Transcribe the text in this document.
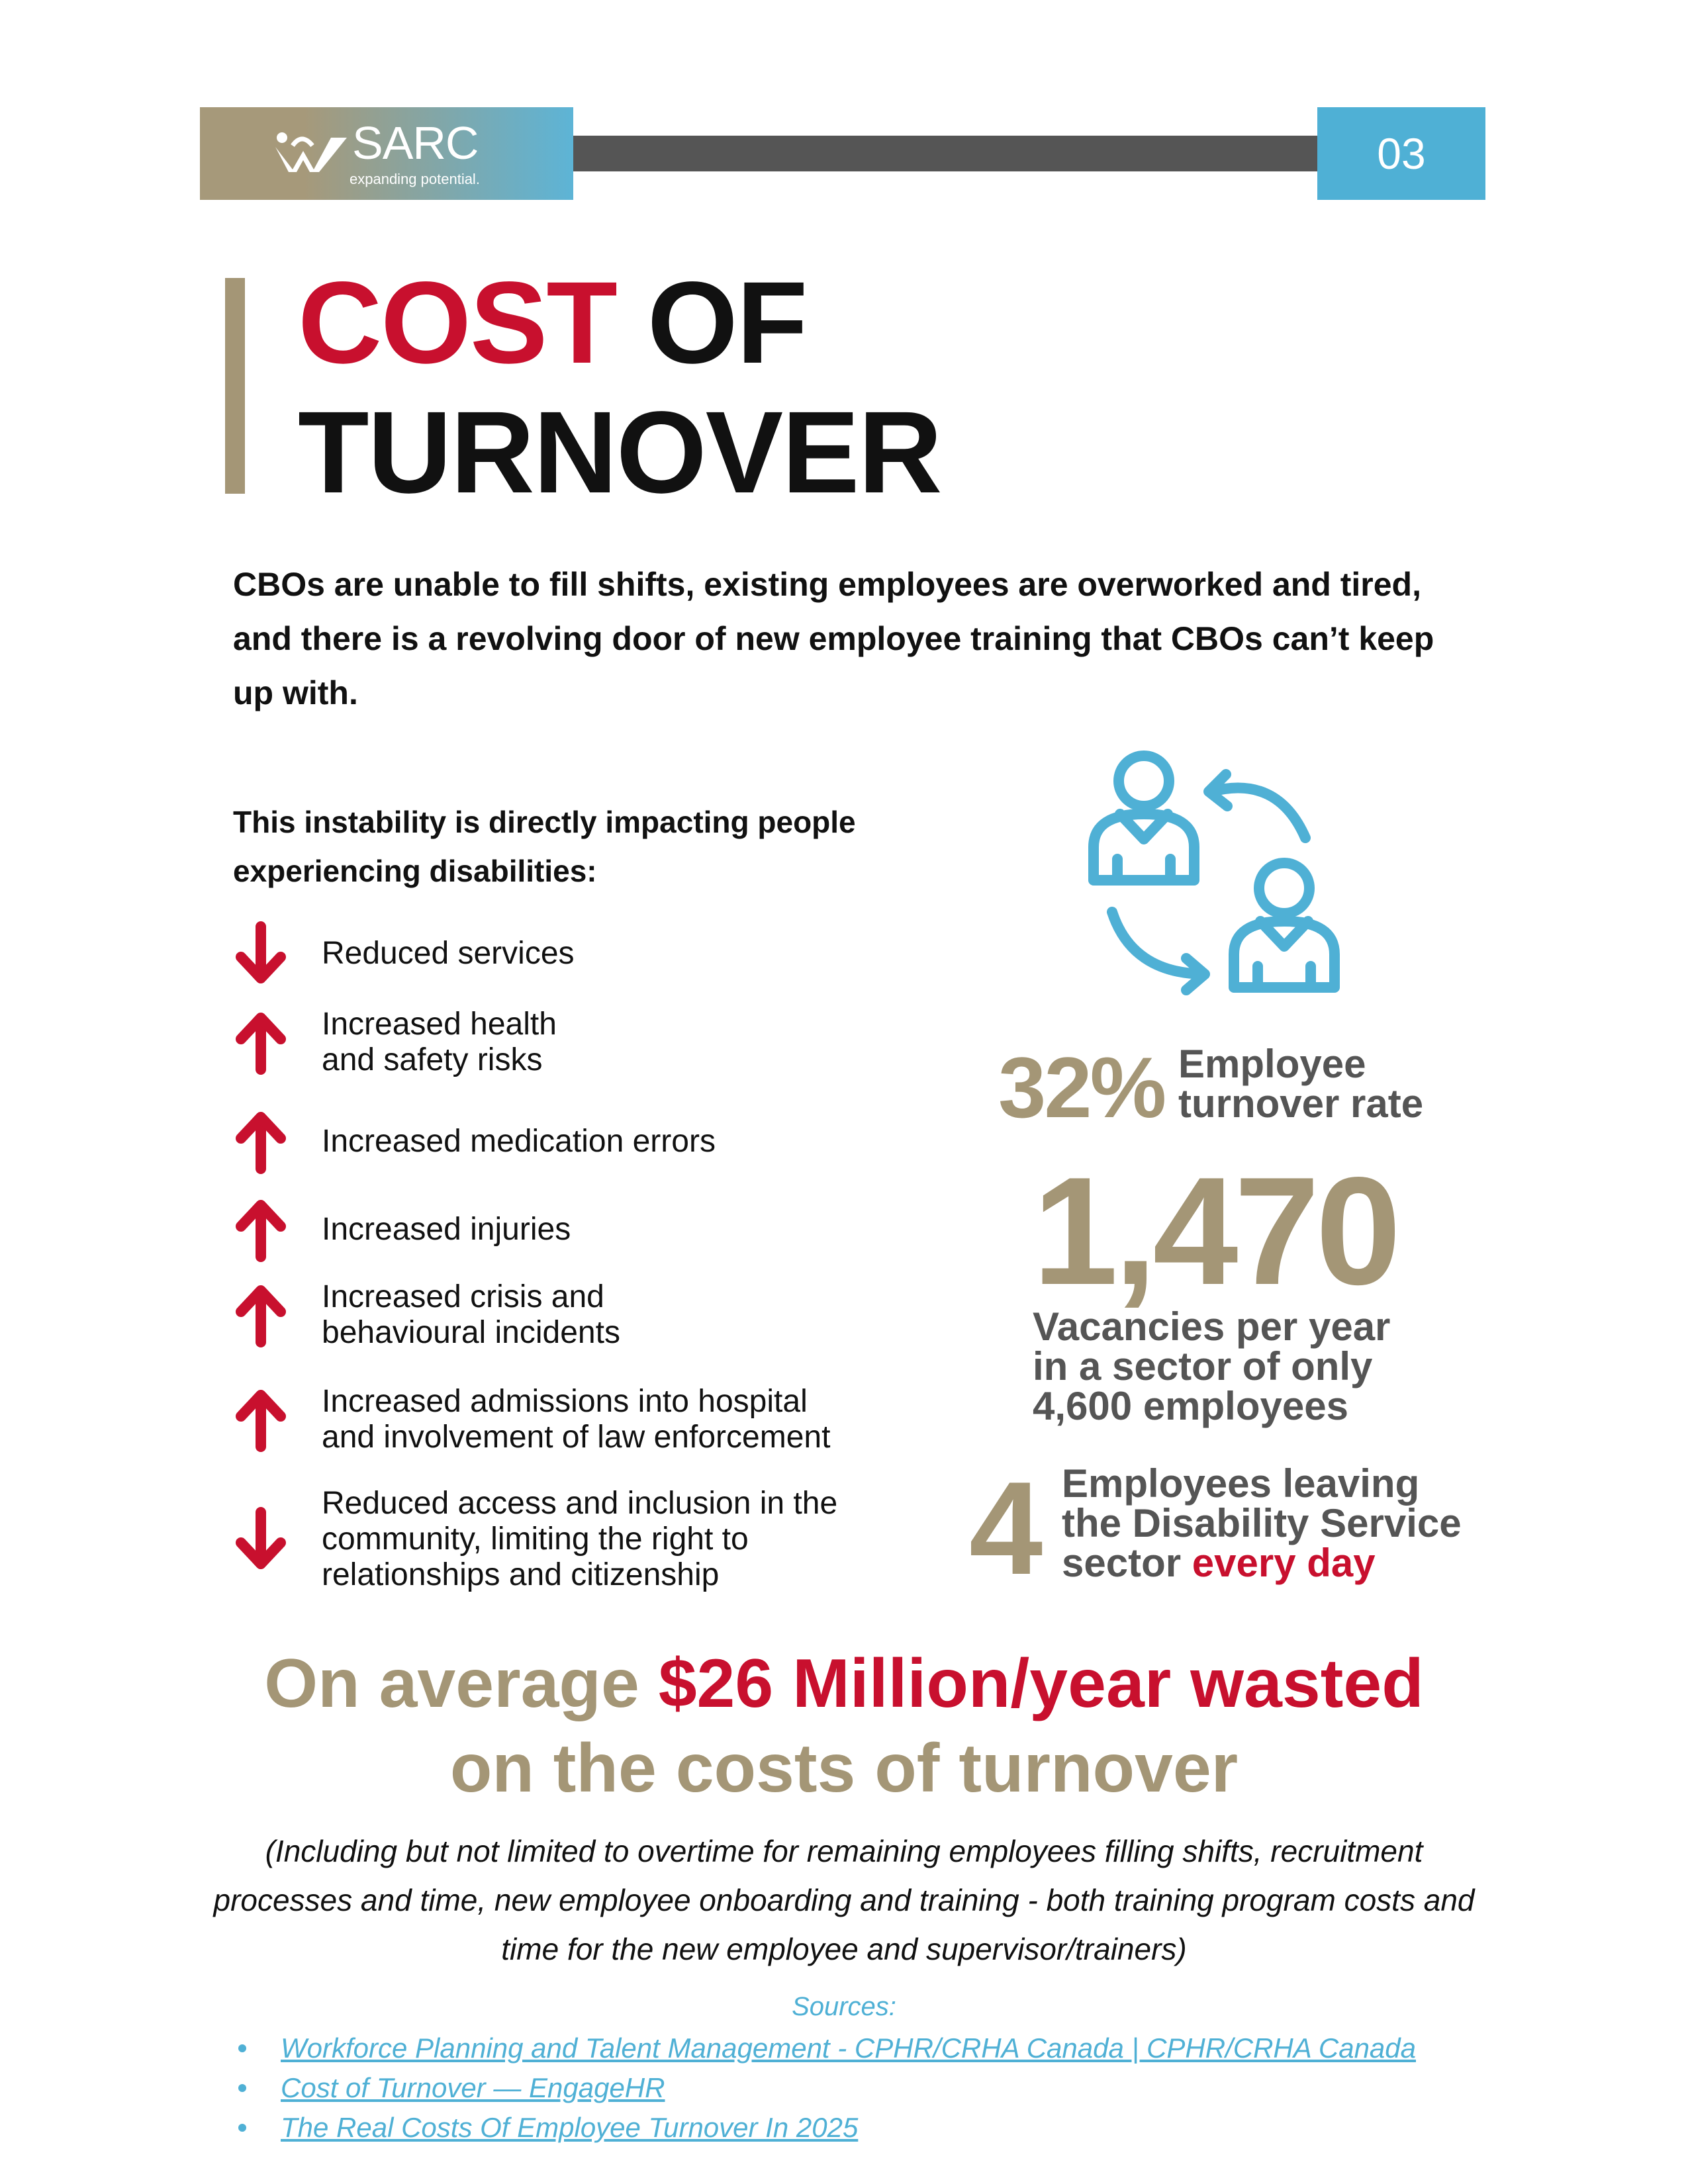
SARC
expanding potential.
03
COST OF
TURNOVER
CBOs are unable to fill shifts, existing employees are overworked and tired, and there is a revolving door of new employee training that CBOs can’t keep up with.
This instability is directly impacting people experiencing disabilities:
Reduced services
Increased health
and safety risks
Increased medication errors
Increased injuries
Increased crisis and
behavioural incidents
Increased admissions into hospital
and involvement of law enforcement
Reduced access and inclusion in the
community, limiting the right to
relationships and citizenship
32% Employee
turnover rate
1,470
Vacancies per year
in a sector of only
4,600 employees
4 Employees leaving
the Disability Service
sector every day
On average $26 Million/year wasted
on the costs of turnover
(Including but not limited to overtime for remaining employees filling shifts, recruitment processes and time, new employee onboarding and training - both training program costs and time for the new employee and supervisor/trainers)
Sources:
Workforce Planning and Talent Management - CPHR/CRHA Canada | CPHR/CRHA Canada
Cost of Turnover — EngageHR
The Real Costs Of Employee Turnover In 2025
